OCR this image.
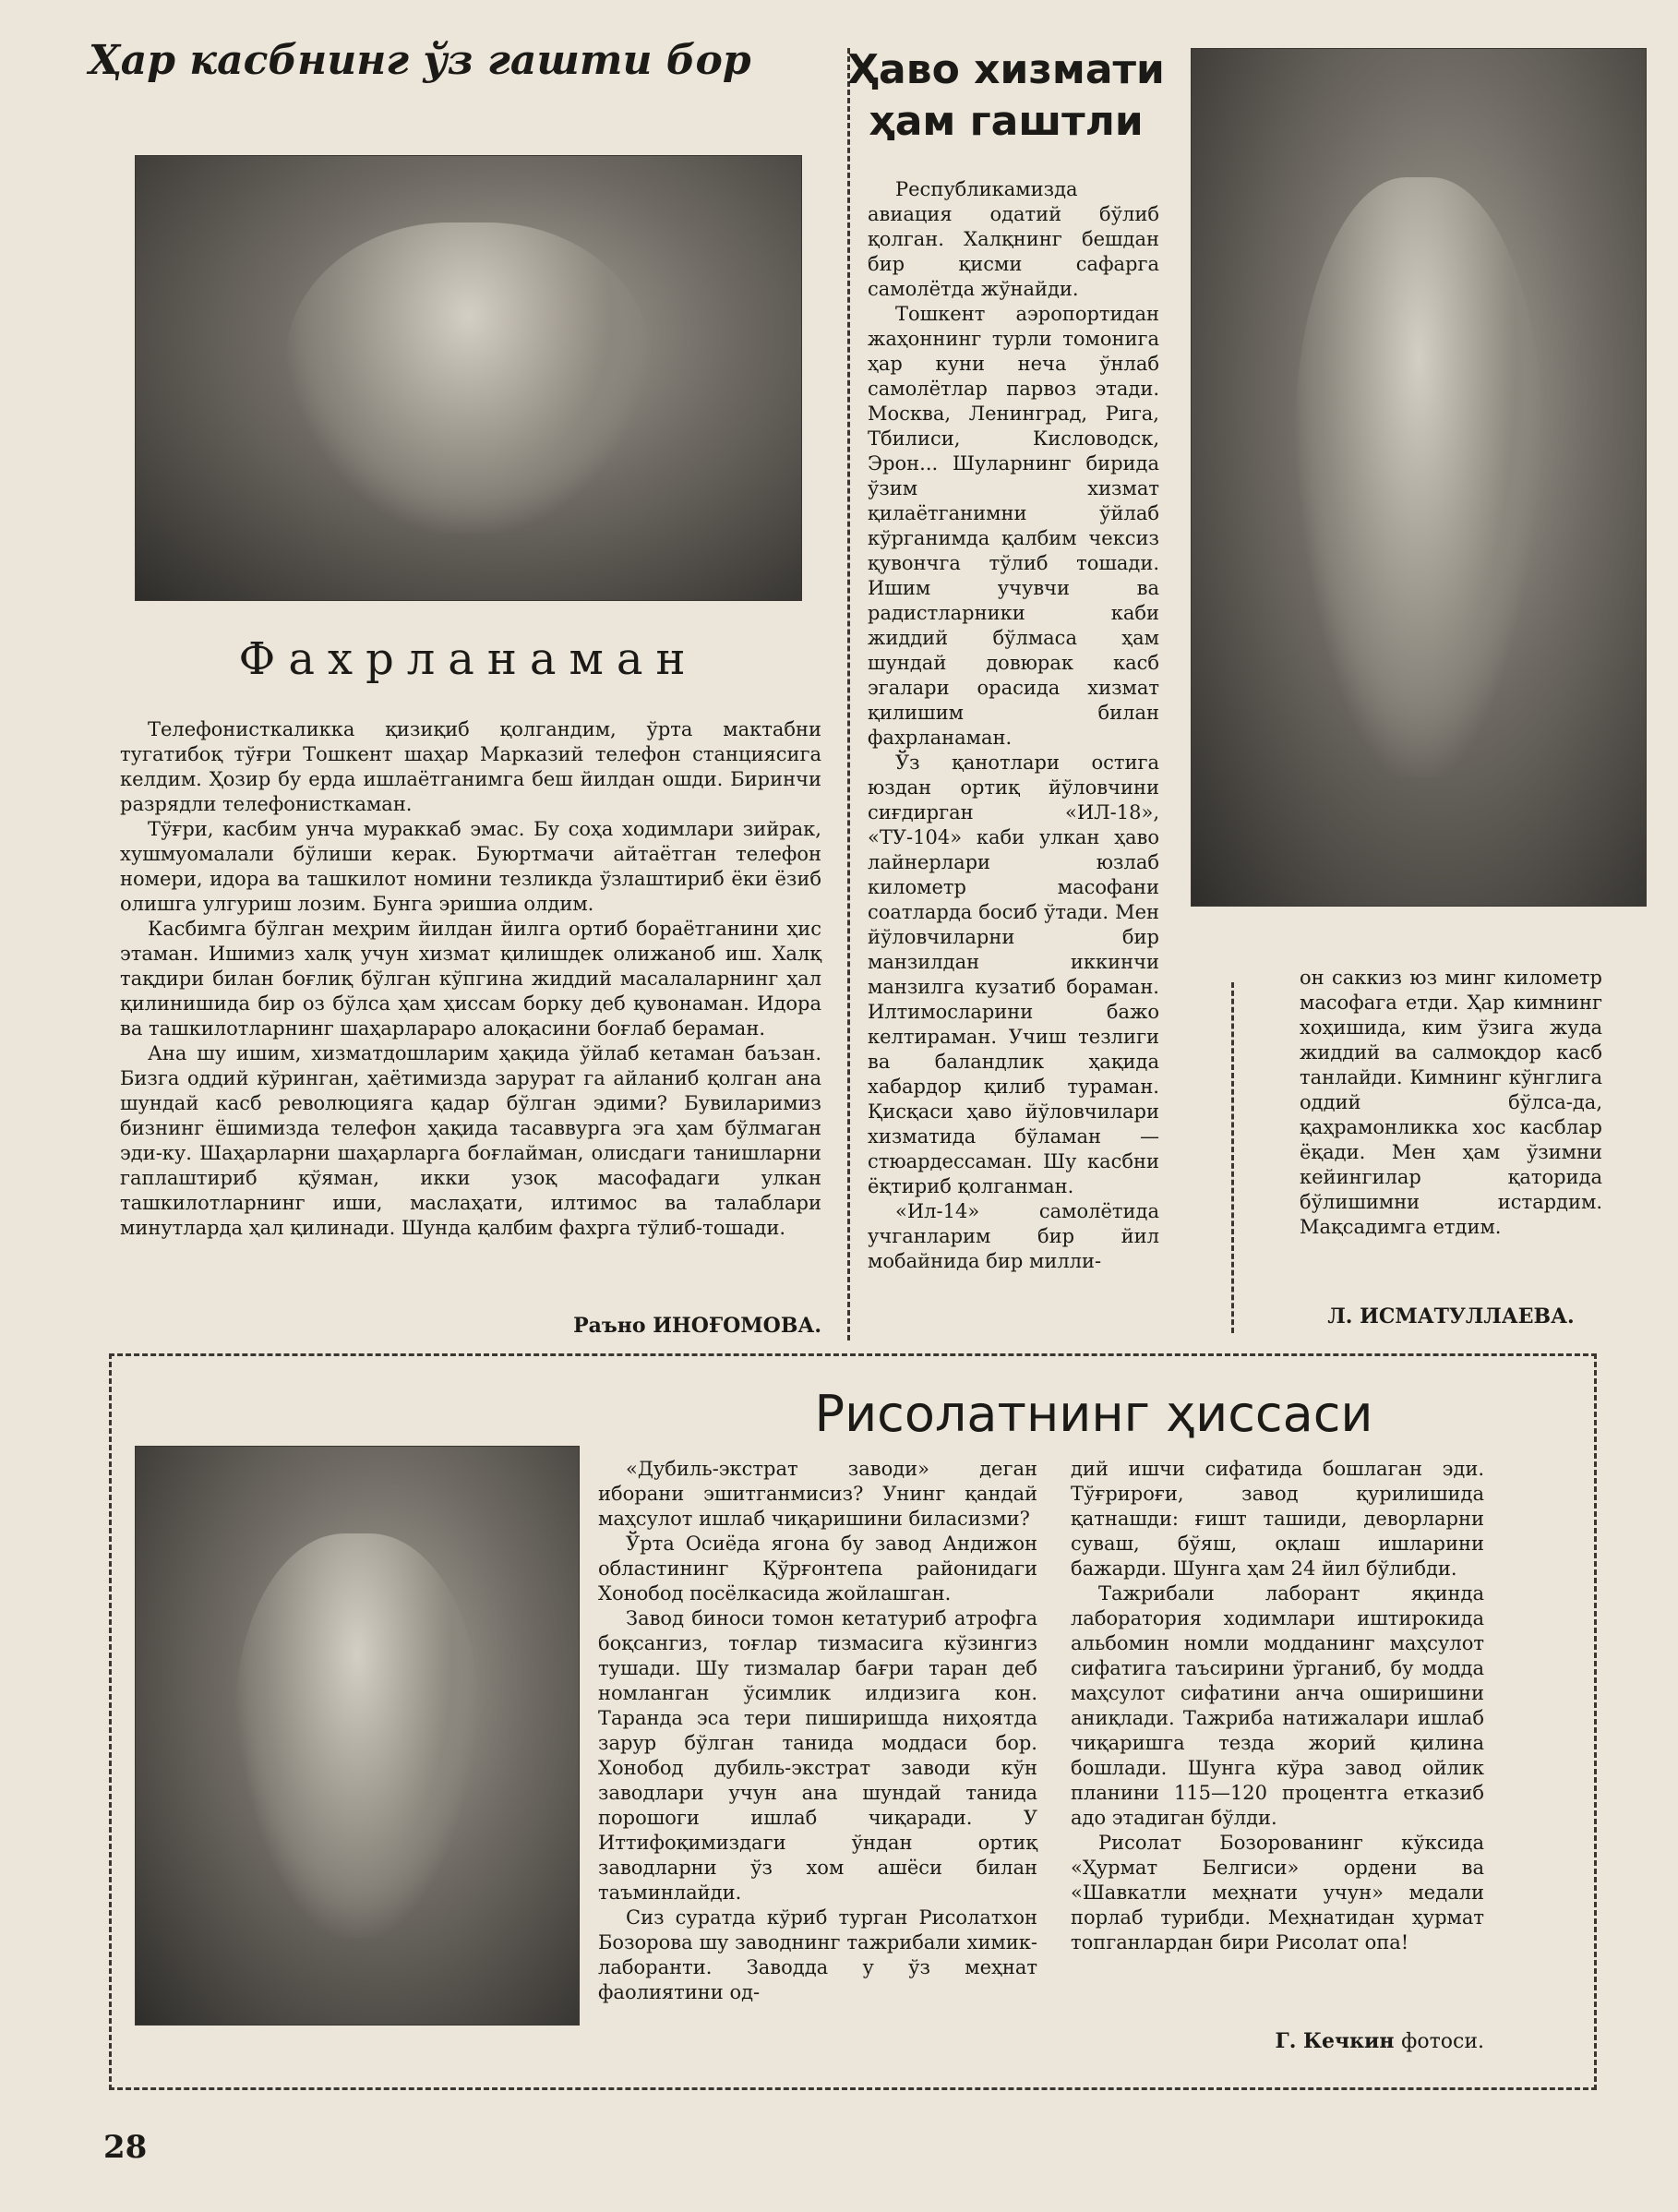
Ҳар касбнинг ўз гашти бор
Фахрланаман

Телефонисткаликка қизиқиб қолгандим, ўрта мактабни тугатибоқ тўғри Тошкент шаҳар Марказий телефон станциясига келдим. Ҳозир бу ерда ишлаётганимга беш йилдан ошди. Биринчи разрядли телефонисткаман.

Тўғри, касбим унча мураккаб эмас. Бу соҳа ходимлари зийрак, хушмуомалали бўлиши керак. Буюртмачи айтаётган телефон номери, идора ва ташкилот номини тезликда ўзлаштириб ёки ёзиб олишга улгуриш лозим. Бунга эришиа олдим.

Касбимга бўлган меҳрим йилдан йилга ортиб бораётганини ҳис этаман. Ишимиз халқ учун хизмат қилишдек олижаноб иш. Халқ тақдири билан боғлиқ бўлган кўпгина жиддий масалаларнинг ҳал қилинишида бир оз бўлса ҳам ҳиссам борку деб қувонаман. Идора ва ташкилотларнинг шаҳарлараро алоқасини боғлаб бераман.

Ана шу ишим, хизматдошларим ҳақида ўйлаб кетаман баъзан. Бизга оддий кўринган, ҳаётимизда зарурат га айланиб қолган ана шундай касб революцияга қадар бўлган эдими? Бувиларимиз бизнинг ёшимизда телефон ҳақида тасаввурга эга ҳам бўлмаган эди-ку. Шаҳарларни шаҳарларга боғлайман, олисдаги танишларни гаплаштириб қўяман, икки узоқ масофадаги улкан ташкилотларнинг иши, маслаҳати, илтимос ва талаблари минутларда ҳал қилинади. Шунда қалбим фахрга тўлиб-тошади.

Раъно ИНОҒОМОВА.
Ҳаво хизмати
ҳам гаштли

Республикамизда авиация одатий бўлиб қолган. Халқнинг бешдан бир қисми сафарга самолётда жўнайди.

Тошкент аэропортидан жаҳоннинг турли томонига ҳар куни неча ўнлаб самолётлар парвоз этади. Москва, Ленинград, Рига, Тбилиси, Кисловодск, Эрон... Шуларнинг бирида ўзим хизмат қилаётганимни ўйлаб кўрганимда қалбим чексиз қувончга тўлиб тошади. Ишим учувчи ва радистларники каби жиддий бўлмаса ҳам шундай довюрак касб эгалари орасида хизмат қилишим билан фахрланаман.

Ўз қанотлари остига юздан ортиқ йўловчини сиғдирган «ИЛ-18», «ТУ-104» каби улкан ҳаво лайнерлари юзлаб километр масофани соатларда босиб ўтади. Мен йўловчиларни бир манзилдан иккинчи манзилга кузатиб бораман. Илтимосларини бажо келтираман. Учиш тезлиги ва баландлик ҳақида хабардор қилиб тураман. Қисқаси ҳаво йўловчилари хизматида бўламан — стюардессаман. Шу касбни ёқтириб қолганман.

«Ил-14» самолётида учганларим бир йил мобайнида бир милли-

он саккиз юз минг километр масофага етди. Ҳар кимнинг хоҳишида, ким ўзига жуда жиддий ва салмоқдор касб танлайди. Кимнинг кўнглига оддий бўлса-да, қаҳрамонликка хос касблар ёқади. Мен ҳам ўзимни кейингилар қаторида бўлишимни истардим. Мақсадимга етдим.

Л. ИСМАТУЛЛАЕВА.
Рисолатнинг ҳиссаси

«Дубиль-экстрат заводи» деган иборани эшитганмисиз? Унинг қандай маҳсулот ишлаб чиқаришини биласизми?

Ўрта Осиёда ягона бу завод Андижон областининг Қўрғонтепа районидаги Хонобод посёлкасида жойлашган.

Завод биноси томон кетатуриб атрофга боқсангиз, тоғлар тизмасига кўзингиз тушади. Шу тизмалар бағри таран деб номланган ўсимлик илдизига кон. Таранда эса тери пиширишда ниҳоятда зарур бўлган танида моддаси бор. Хонобод дубиль-экстрат заводи кўн заводлари учун ана шундай танида порошоги ишлаб чиқаради. У Иттифоқимиздаги ўндан ортиқ заводларни ўз хом ашёси билан таъминлайди.

Сиз суратда кўриб турган Рисолатхон Бозорова шу заводнинг тажрибали химик-лаборанти. Заводда у ўз меҳнат фаолиятини од-

дий ишчи сифатида бошлаган эди. Тўғрироғи, завод қурилишида қатнашди: ғишт ташиди, деворларни суваш, бўяш, оқлаш ишларини бажарди. Шунга ҳам 24 йил бўлибди.

Тажрибали лаборант яқинда лаборатория ходимлари иштирокида альбомин номли модданинг маҳсулот сифатига таъсирини ўрганиб, бу модда маҳсулот сифатини анча оширишини аниқлади. Тажриба натижалари ишлаб чиқаришга тезда жорий қилина бошлади. Шунга кўра завод ойлик планини 115—120 процентга етказиб адо этадиган бўлди.

Рисолат Бозорованинг кўксида «Ҳурмат Белгиси» ордени ва «Шавкатли меҳнати учун» медали порлаб турибди. Меҳнатидан ҳурмат топганлардан бири Рисолат опа!

Г. Кечкин фотоси.
28
